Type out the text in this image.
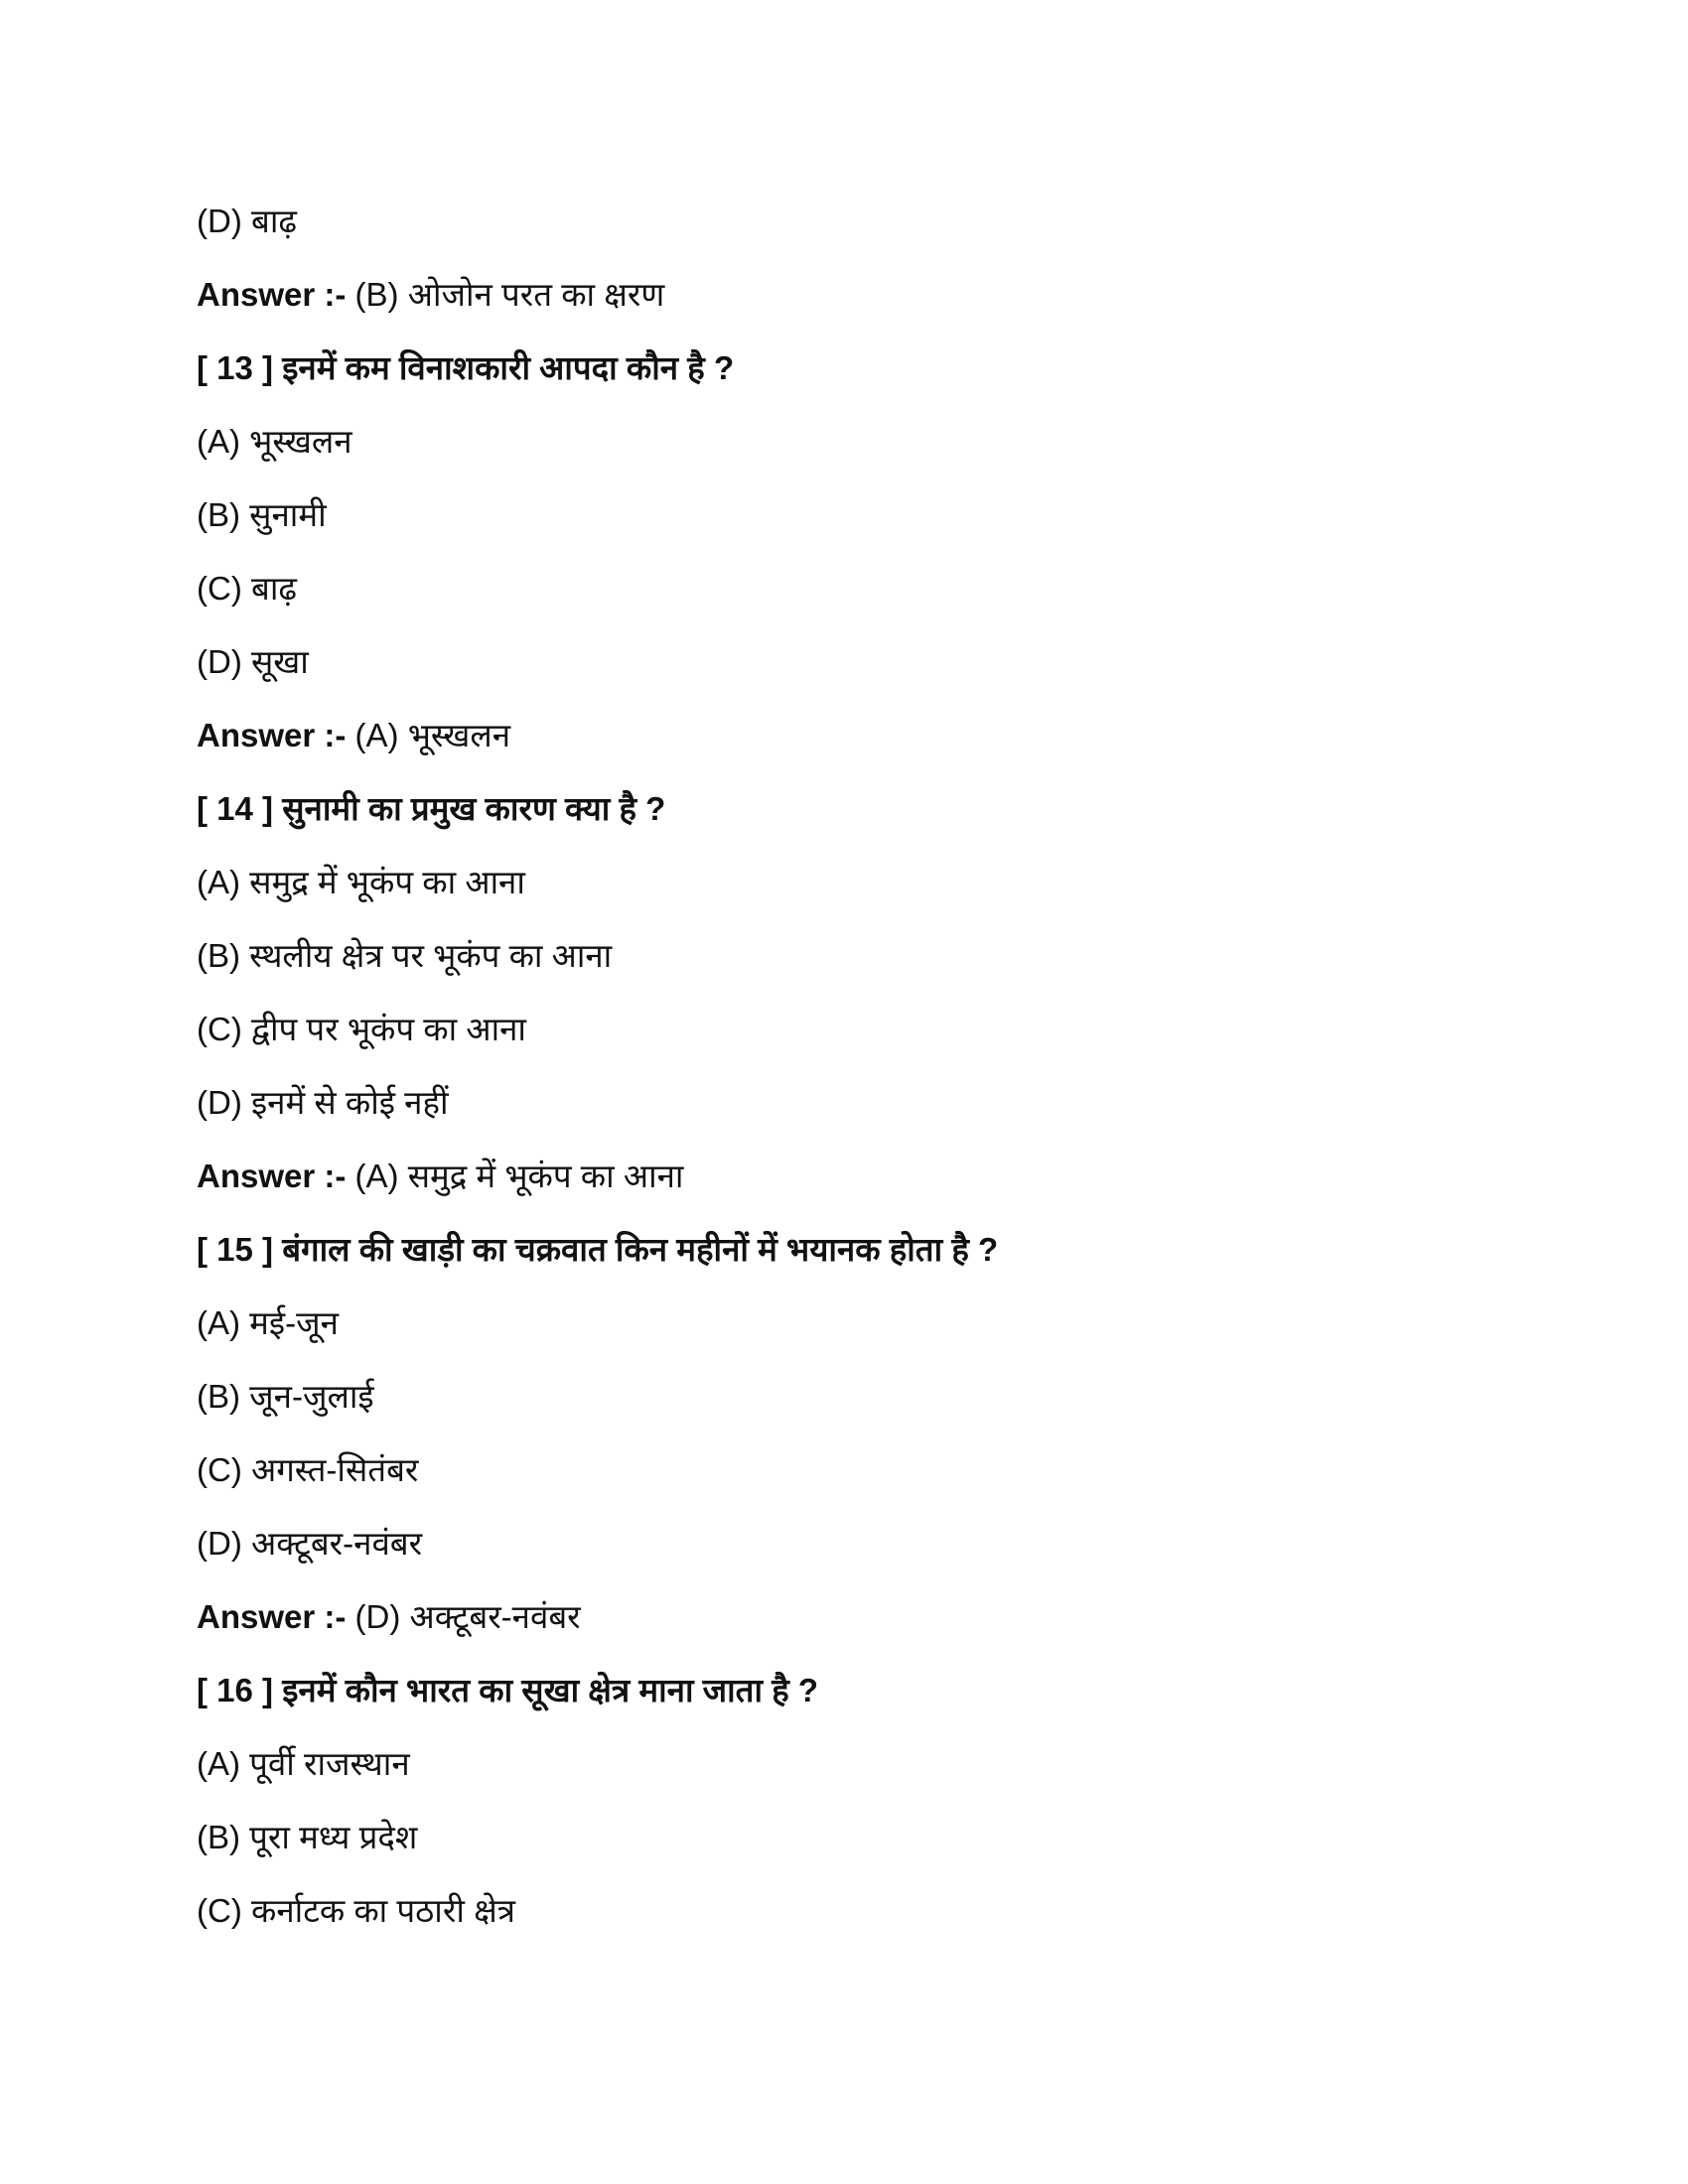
(D) बाढ़
Answer :- (B) ओजोन परत का क्षरण
[ 13 ] इनमें कम विनाशकारी आपदा कौन है ?
(A) भूस्खलन
(B) सुनामी
(C) बाढ़
(D) सूखा
Answer :- (A) भूस्खलन
[ 14 ] सुनामी का प्रमुख कारण क्या है ?
(A) समुद्र में भूकंप का आना
(B) स्थलीय क्षेत्र पर भूकंप का आना
(C) द्वीप पर भूकंप का आना
(D) इनमें से कोई नहीं
Answer :- (A) समुद्र में भूकंप का आना
[ 15 ] बंगाल की खाड़ी का चक्रवात किन महीनों में भयानक होता है ?
(A) मई-जून
(B) जून-जुलाई
(C) अगस्त-सितंबर
(D) अक्टूबर-नवंबर
Answer :- (D) अक्टूबर-नवंबर
[ 16 ] इनमें कौन भारत का सूखा क्षेत्र माना जाता है ?
(A) पूर्वी राजस्थान
(B) पूरा मध्य प्रदेश
(C) कर्नाटक का पठारी क्षेत्र
